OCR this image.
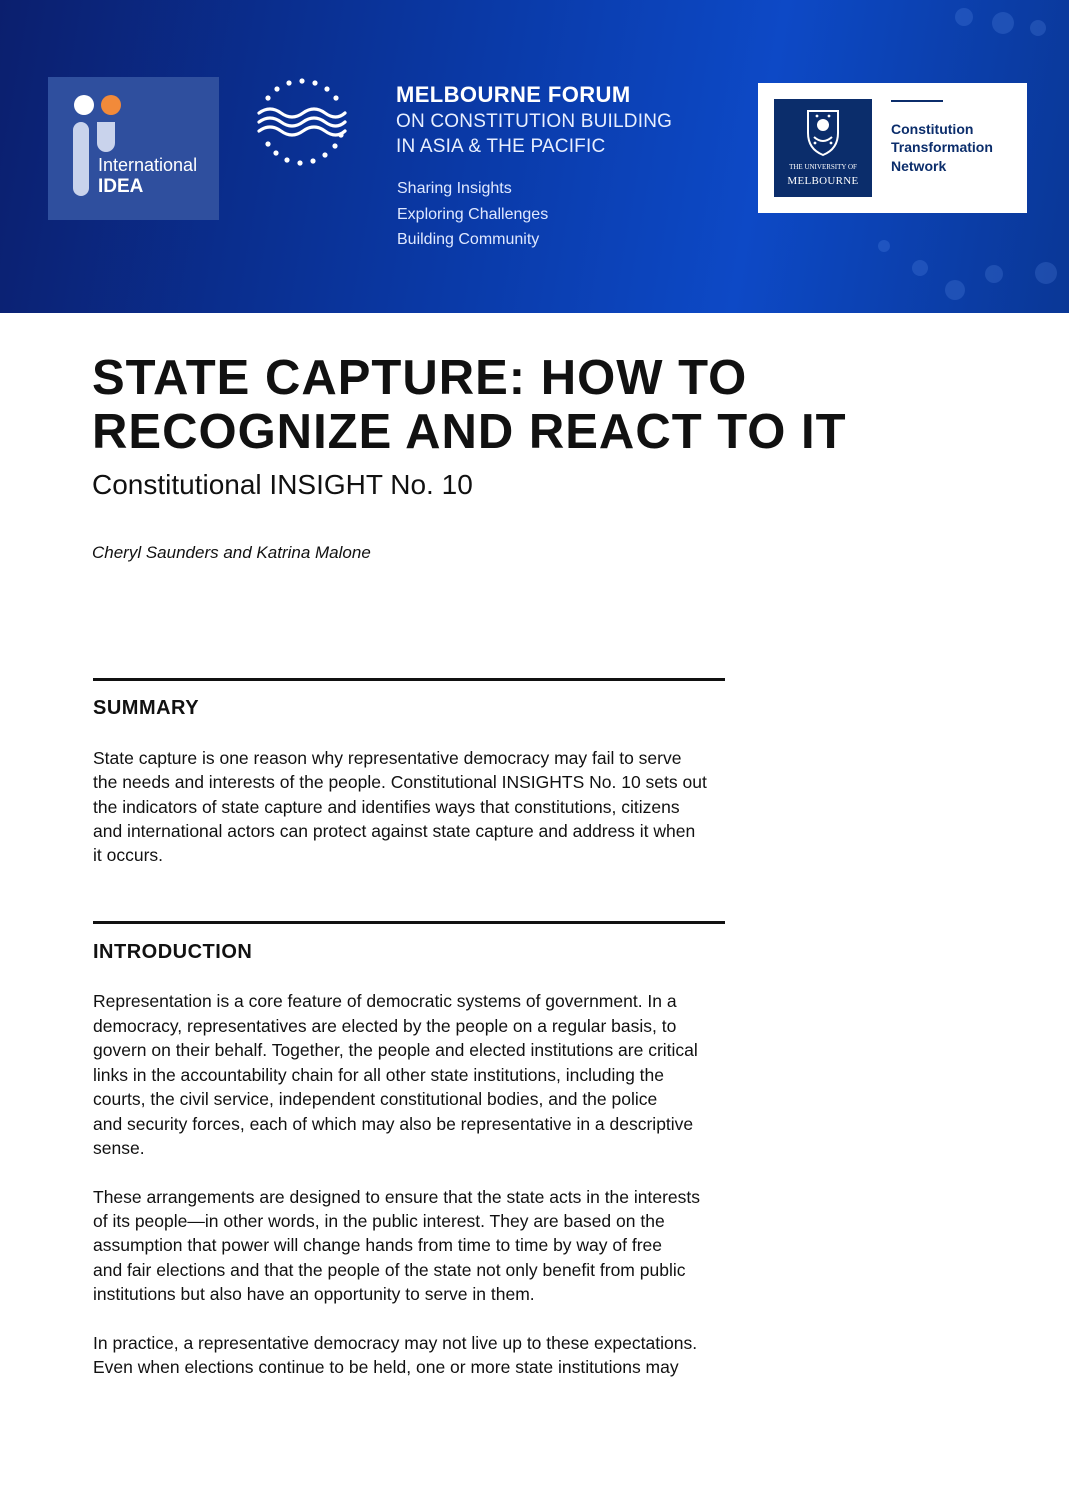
International
IDEA
MELBOURNE FORUM
ON CONSTITUTION BUILDING
IN ASIA & THE PACIFIC
Sharing Insights
Exploring Challenges
Building Community
THE UNIVERSITY OF
MELBOURNE
Constitution
Transformation
Network
STATE CAPTURE: HOW TO
RECOGNIZE AND REACT TO IT
Constitutional INSIGHT No. 10
Cheryl Saunders and Katrina Malone
SUMMARY
State capture is one reason why representative democracy may fail to serve
the needs and interests of the people. Constitutional INSIGHTS No. 10 sets out
the indicators of state capture and identifies ways that constitutions, citizens
and international actors can protect against state capture and address it when
it occurs.
INTRODUCTION
Representation is a core feature of democratic systems of government. In a
democracy, representatives are elected by the people on a regular basis, to
govern on their behalf. Together, the people and elected institutions are critical
links in the accountability chain for all other state institutions, including the
courts, the civil service, independent constitutional bodies, and the police
and security forces, each of which may also be representative in a descriptive
sense.
These arrangements are designed to ensure that the state acts in the interests
of its people—in other words, in the public interest. They are based on the
assumption that power will change hands from time to time by way of free
and fair elections and that the people of the state not only benefit from public
institutions but also have an opportunity to serve in them.
In practice, a representative democracy may not live up to these expectations.
Even when elections continue to be held, one or more state institutions may
